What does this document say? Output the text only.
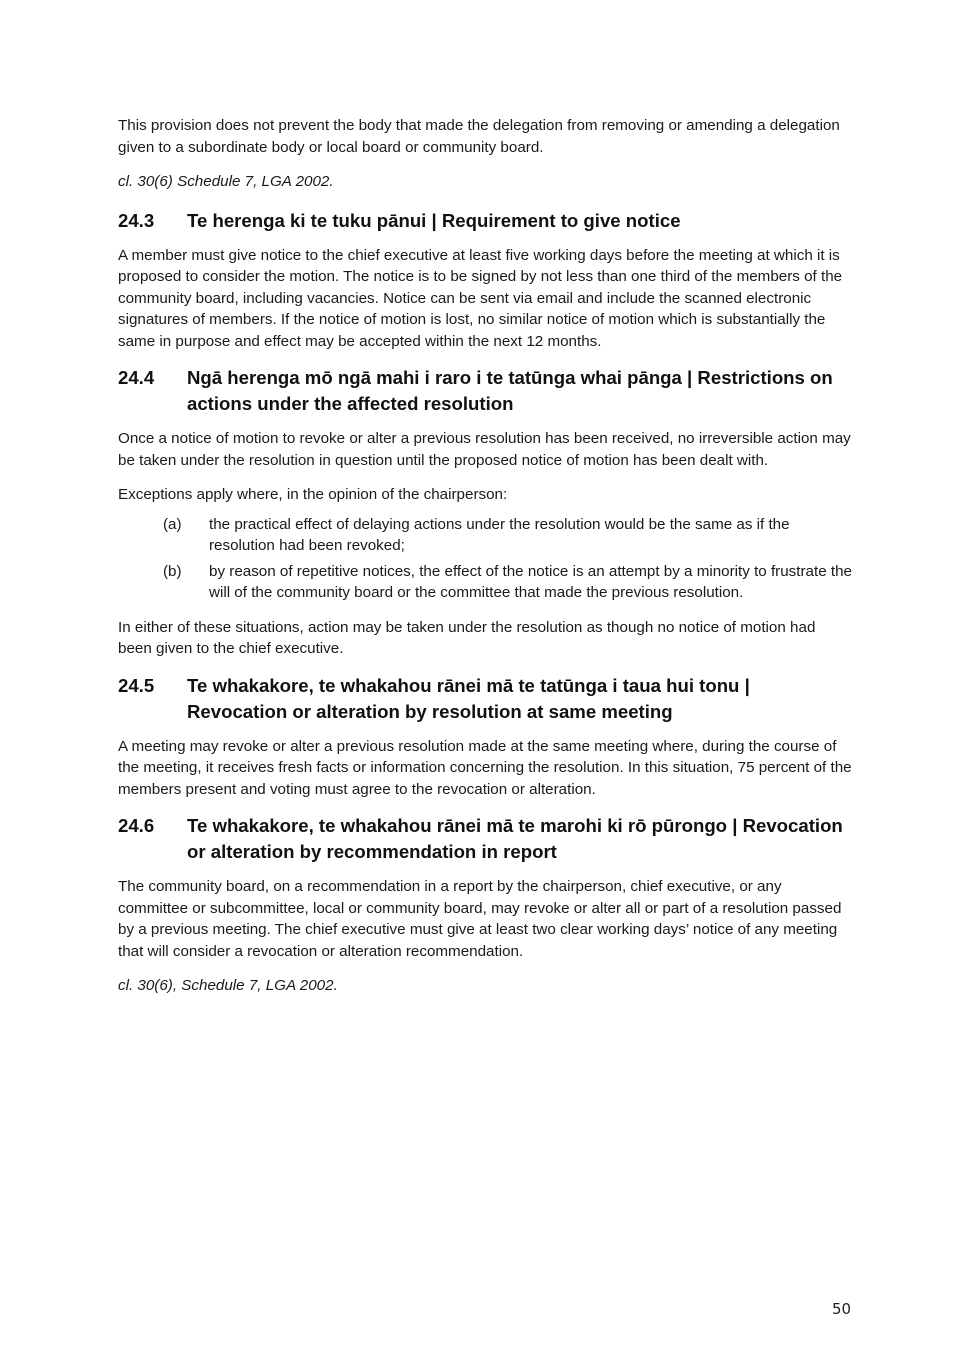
This provision does not prevent the body that made the delegation from removing or amending a delegation given to a subordinate body or local board or community board.

cl. 30(6) Schedule 7, LGA 2002.

24.3	Te herenga ki te tuku pānui | Requirement to give notice

A member must give notice to the chief executive at least five working days before the meeting at which it is proposed to consider the motion. The notice is to be signed by not less than one third of the members of the community board, including vacancies. Notice can be sent via email and include the scanned electronic signatures of members. If the notice of motion is lost, no similar notice of motion which is substantially the same in purpose and effect may be accepted within the next 12 months.

24.4	Ngā herenga mō ngā mahi i raro i te tatūnga whai pānga | Restrictions on actions under the affected resolution

Once a notice of motion to revoke or alter a previous resolution has been received, no irreversible action may be taken under the resolution in question until the proposed notice of motion has been dealt with.

Exceptions apply where, in the opinion of the chairperson:

(a)	the practical effect of delaying actions under the resolution would be the same as if the resolution had been revoked;
(b)	by reason of repetitive notices, the effect of the notice is an attempt by a minority to frustrate the will of the community board or the committee that made the previous resolution.

In either of these situations, action may be taken under the resolution as though no notice of motion had been given to the chief executive.

24.5	Te whakakore, te whakahou rānei mā te tatūnga i taua hui tonu | Revocation or alteration by resolution at same meeting

A meeting may revoke or alter a previous resolution made at the same meeting where, during the course of the meeting, it receives fresh facts or information concerning the resolution. In this situation, 75 percent of the members present and voting must agree to the revocation or alteration.

24.6	Te whakakore, te whakahou rānei mā te marohi ki rō pūrongo | Revocation or alteration by recommendation in report

The community board, on a recommendation in a report by the chairperson, chief executive, or any committee or subcommittee, local or community board, may revoke or alter all or part of a resolution passed by a previous meeting. The chief executive must give at least two clear working days’ notice of any meeting that will consider a revocation or alteration recommendation.

cl. 30(6), Schedule 7, LGA 2002.

50
